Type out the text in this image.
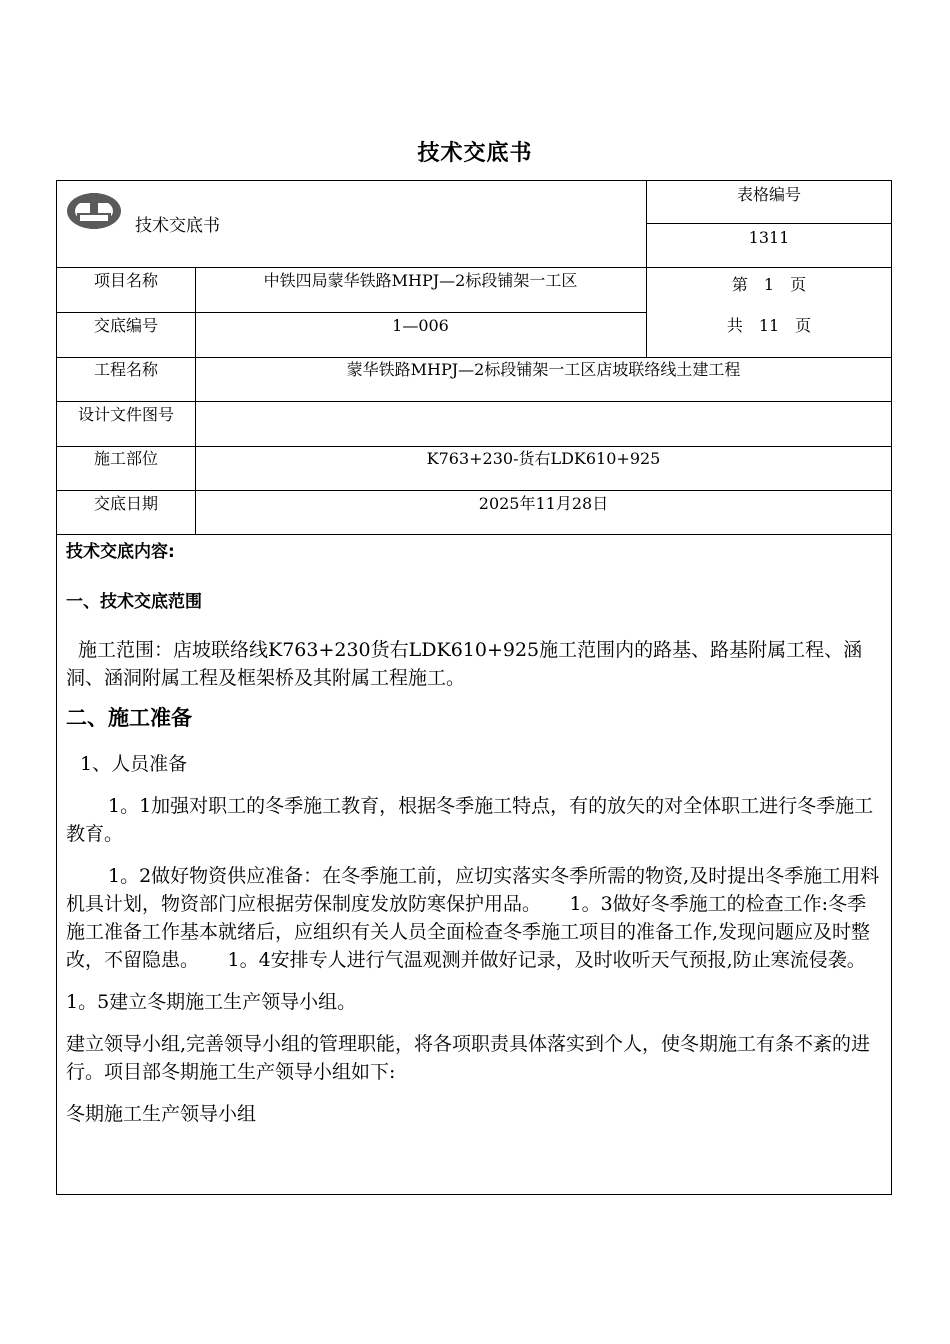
技术交底书
技术交底书
表格编号
1311
第　1　页
共　11　页
项目名称	中铁四局蒙华铁路MHPJ—2标段铺架一工区
交底编号	1—006
工程名称	蒙华铁路MHPJ—2标段铺架一工区店坡联络线土建工程
设计文件图号
施工部位	K763+230-货右LDK610+925
交底日期	2025年11月28日

技术交底内容:

一、技术交底范围

施工范围：店坡联络线K763+230货右LDK610+925施工范围内的路基、路基附属工程、涵洞、涵洞附属工程及框架桥及其附属工程施工。

二、施工准备

1、人员准备

1。1加强对职工的冬季施工教育，根据冬季施工特点，有的放矢的对全体职工进行冬季施工教育。

1。2做好物资供应准备：在冬季施工前，应切实落实冬季所需的物资,及时提出冬季施工用料机具计划，物资部门应根据劳保制度发放防寒保护用品。　　1。3做好冬季施工的检查工作:冬季施工准备工作基本就绪后，应组织有关人员全面检查冬季施工项目的准备工作,发现问题应及时整改，不留隐患。　　1。4安排专人进行气温观测并做好记录，及时收听天气预报,防止寒流侵袭。

1。5建立冬期施工生产领导小组。

建立领导小组,完善领导小组的管理职能，将各项职责具体落实到个人，使冬期施工有条不紊的进行。项目部冬期施工生产领导小组如下:

冬期施工生产领导小组
